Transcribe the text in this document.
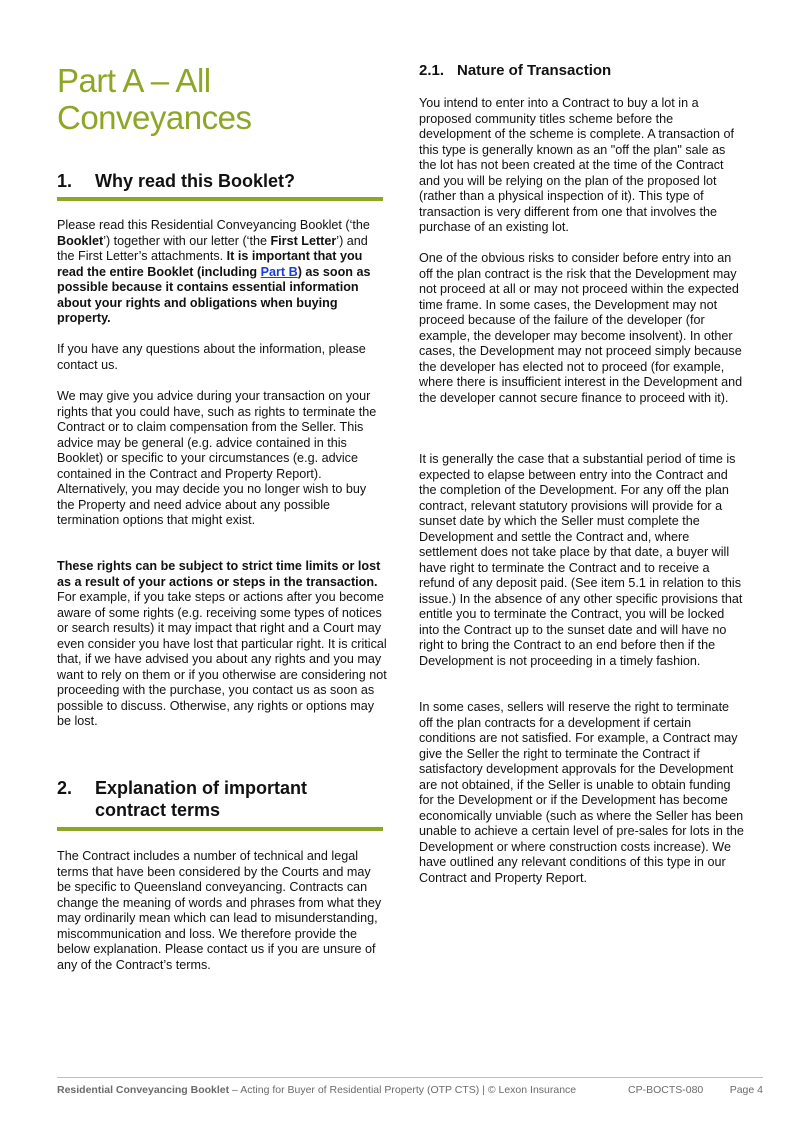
Part A – All Conveyances
1. Why read this Booklet?
Please read this Residential Conveyancing Booklet (‘the Booklet’) together with our letter (‘the First Letter’) and the First Letter’s attachments. It is important that you read the entire Booklet (including Part B) as soon as possible because it contains essential information about your rights and obligations when buying property.
If you have any questions about the information, please contact us.
We may give you advice during your transaction on your rights that you could have, such as rights to terminate the Contract or to claim compensation from the Seller. This advice may be general (e.g. advice contained in this Booklet) or specific to your circumstances (e.g. advice contained in the Contract and Property Report). Alternatively, you may decide you no longer wish to buy the Property and need advice about any possible termination options that might exist.
These rights can be subject to strict time limits or lost as a result of your actions or steps in the transaction. For example, if you take steps or actions after you become aware of some rights (e.g. receiving some types of notices or search results) it may impact that right and a Court may even consider you have lost that particular right. It is critical that, if we have advised you about any rights and you may want to rely on them or if you otherwise are considering not proceeding with the purchase, you contact us as soon as possible to discuss. Otherwise, any rights or options may be lost.
2. Explanation of important contract terms
The Contract includes a number of technical and legal terms that have been considered by the Courts and may be specific to Queensland conveyancing. Contracts can change the meaning of words and phrases from what they may ordinarily mean which can lead to misunderstanding, miscommunication and loss. We therefore provide the below explanation. Please contact us if you are unsure of any of the Contract’s terms.
2.1. Nature of Transaction
You intend to enter into a Contract to buy a lot in a proposed community titles scheme before the development of the scheme is complete. A transaction of this type is generally known as an "off the plan" sale as the lot has not been created at the time of the Contract and you will be relying on the plan of the proposed lot (rather than a physical inspection of it). This type of transaction is very different from one that involves the purchase of an existing lot.
One of the obvious risks to consider before entry into an off the plan contract is the risk that the Development may not proceed at all or may not proceed within the expected time frame. In some cases, the Development may not proceed because of the failure of the developer (for example, the developer may become insolvent). In other cases, the Development may not proceed simply because the developer has elected not to proceed (for example, where there is insufficient interest in the Development and the developer cannot secure finance to proceed with it).
It is generally the case that a substantial period of time is expected to elapse between entry into the Contract and the completion of the Development. For any off the plan contract, relevant statutory provisions will provide for a sunset date by which the Seller must complete the Development and settle the Contract and, where settlement does not take place by that date, a buyer will have right to terminate the Contract and to receive a refund of any deposit paid. (See item 5.1 in relation to this issue.) In the absence of any other specific provisions that entitle you to terminate the Contract, you will be locked into the Contract up to the sunset date and will have no right to bring the Contract to an end before then if the Development is not proceeding in a timely fashion.
In some cases, sellers will reserve the right to terminate off the plan contracts for a development if certain conditions are not satisfied. For example, a Contract may give the Seller the right to terminate the Contract if satisfactory development approvals for the Development are not obtained, if the Seller is unable to obtain funding for the Development or if the Development has become economically unviable (such as where the Seller has been unable to achieve a certain level of pre-sales for lots in the Development or where construction costs increase). We have outlined any relevant conditions of this type in our Contract and Property Report.
Residential Conveyancing Booklet – Acting for Buyer of Residential Property (OTP CTS) | © Lexon Insurance	CP-BOCTS-080	Page 4
